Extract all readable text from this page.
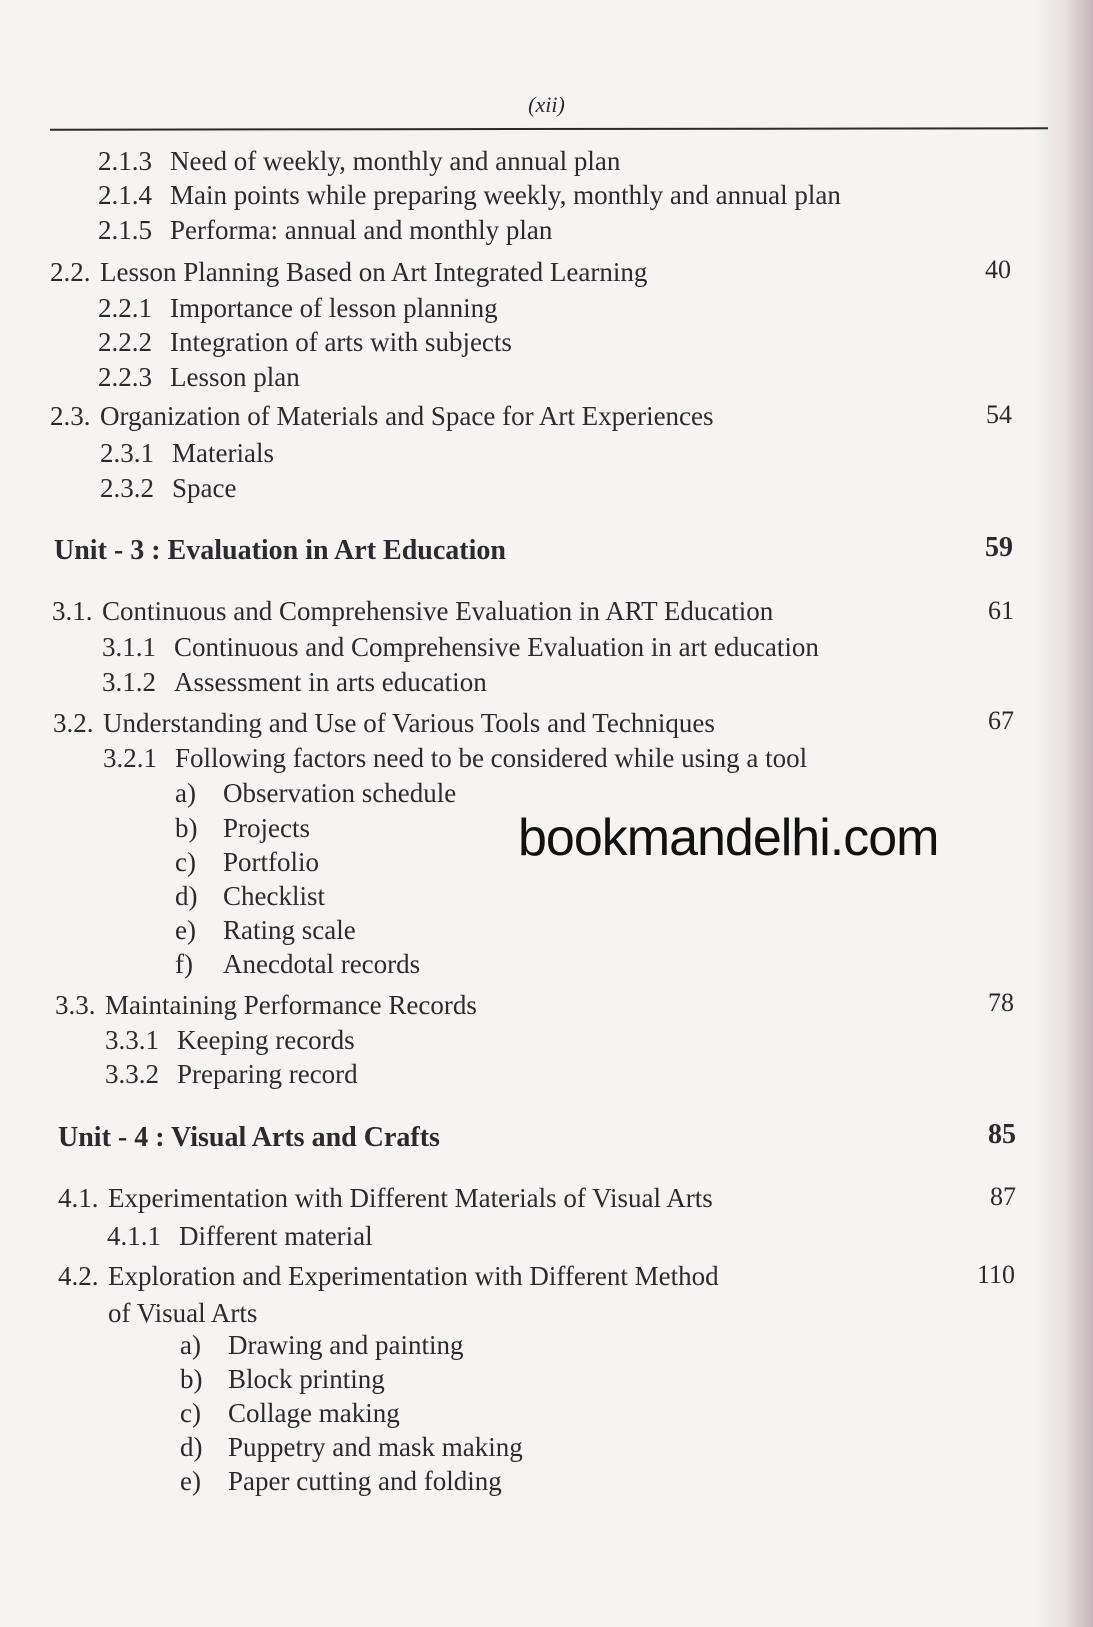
(xii)
2.1.3 Need of weekly, monthly and annual plan
2.1.4 Main points while preparing weekly, monthly and annual plan
2.1.5 Performa: annual and monthly plan
2.2. Lesson Planning Based on Art Integrated Learning	40
2.2.1 Importance of lesson planning
2.2.2 Integration of arts with subjects
2.2.3 Lesson plan
2.3. Organization of Materials and Space for Art Experiences	54
2.3.1 Materials
2.3.2 Space
Unit - 3 : Evaluation in Art Education	59
3.1. Continuous and Comprehensive Evaluation in ART Education	61
3.1.1 Continuous and Comprehensive Evaluation in art education
3.1.2 Assessment in arts education
3.2. Understanding and Use of Various Tools and Techniques	67
3.2.1 Following factors need to be considered while using a tool
a) Observation schedule
b) Projects
c) Portfolio
d) Checklist
e) Rating scale
f) Anecdotal records
bookmandelhi.com
3.3. Maintaining Performance Records	78
3.3.1 Keeping records
3.3.2 Preparing record
Unit - 4 : Visual Arts and Crafts	85
4.1. Experimentation with Different Materials of Visual Arts	87
4.1.1 Different material
4.2. Exploration and Experimentation with Different Method	110
of Visual Arts
a) Drawing and painting
b) Block printing
c) Collage making
d) Puppetry and mask making
e) Paper cutting and folding
